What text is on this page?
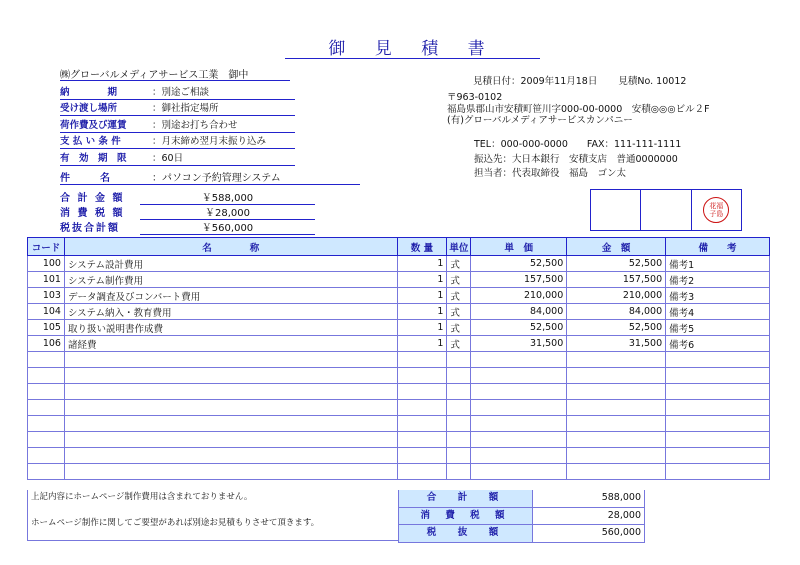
御 見 積 書
㈱グローバルメディアサービス工業　御中
納　　　　期	：別途ご相談
受け渡し場所	：御社指定場所
荷作費及び運賃	：別途お打ち合わせ
支 払 い 条 件	：月末締め翌月末振り込み
有　効　期　限	：60日
件　　　名	：パソコン予約管理システム
合 計 金 額	￥588,000
消 費 税 額	￥28,000
税抜合計額	￥560,000
見積日付：2009年11月18日 見積No. 10012
〒963-0102
福島県郡山市安積町笹川字000-00-0000　安積◎◎◎ビル２F
(有)グローバルメディアサービスカンパニー
TEL：000-000-0000　　FAX：111-111-1111
振込先：大日本銀行　安積支店　普通0000000
担当者：代表取締役　福島　ゴン太
花福
子島
コード	名　　　　称	数 量	単位	単　価	金　額	備　　考
100	システム設計費用	1	式	52,500	52,500	備考1
101	システム制作費用	1	式	157,500	157,500	備考2
103	データ調査及びコンバート費用	1	式	210,000	210,000	備考3
104	システム納入・教育費用	1	式	84,000	84,000	備考4
105	取り扱い説明書作成費	1	式	52,500	52,500	備考5
106	諸経費	1	式	31,500	31,500	備考6

上記内容にホームページ制作費用は含まれておりません。
ホームページ制作に関してご要望があれば別途お見積もりさせて頂きます。
合　計　額	588,000
消 費 税 額	28,000
税　抜　額	560,000
